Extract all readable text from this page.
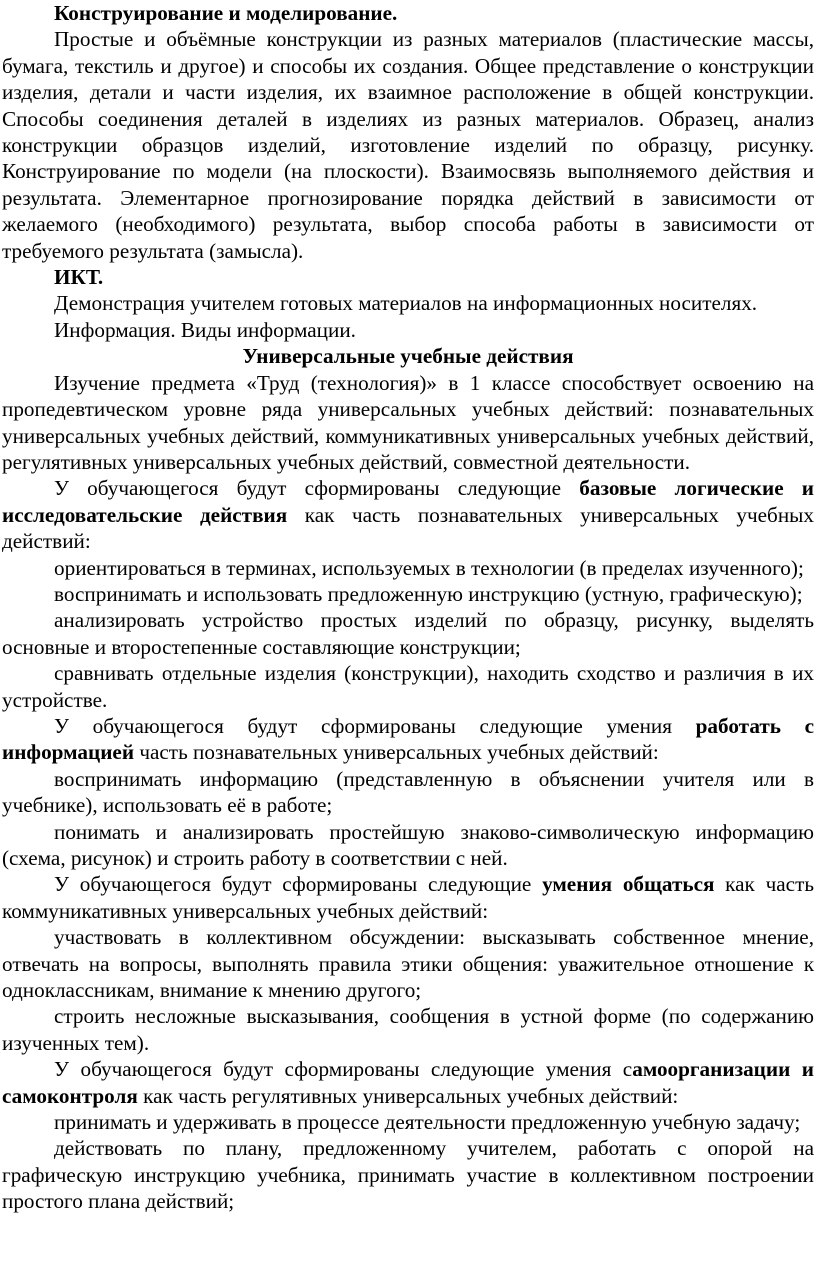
Конструирование и моделирование.

Простые и объёмные конструкции из разных материалов (пластические массы, бумага, текстиль и другое) и способы их создания. Общее представление о конструкции изделия, детали и части изделия, их взаимное расположение в общей конструкции. Способы соединения деталей в изделиях из разных материалов. Образец, анализ конструкции образцов изделий, изготовление изделий по образцу, рисунку. Конструирование по модели (на плоскости). Взаимосвязь выполняемого действия и результата. Элементарное прогнозирование порядка действий в зависимости от желаемого (необходимого) результата, выбор способа работы в зависимости от требуемого результата (замысла).

ИКТ.

Демонстрация учителем готовых материалов на информационных носителях.

Информация. Виды информации.

Универсальные учебные действия

Изучение предмета «Труд (технология)» в 1 классе способствует освоению на пропедевтическом уровне ряда универсальных учебных действий: познавательных универсальных учебных действий, коммуникативных универсальных учебных действий, регулятивных универсальных учебных действий, совместной деятельности.

У обучающегося будут сформированы следующие базовые логические и исследовательские действия как часть познавательных универсальных учебных действий:

ориентироваться в терминах, используемых в технологии (в пределах изученного);

воспринимать и использовать предложенную инструкцию (устную, графическую);

анализировать устройство простых изделий по образцу, рисунку, выделять основные и второстепенные составляющие конструкции;

сравнивать отдельные изделия (конструкции), находить сходство и различия в их устройстве.

У обучающегося будут сформированы следующие умения работать с информацией часть познавательных универсальных учебных действий:

воспринимать информацию (представленную в объяснении учителя или в учебнике), использовать её в работе;

понимать и анализировать простейшую знаково-символическую информацию (схема, рисунок) и строить работу в соответствии с ней.

У обучающегося будут сформированы следующие умения общаться как часть коммуникативных универсальных учебных действий:

участвовать в коллективном обсуждении: высказывать собственное мнение, отвечать на вопросы, выполнять правила этики общения: уважительное отношение к одноклассникам, внимание к мнению другого;

строить несложные высказывания, сообщения в устной форме (по содержанию изученных тем).

У обучающегося будут сформированы следующие умения самоорганизации и самоконтроля как часть регулятивных универсальных учебных действий:

принимать и удерживать в процессе деятельности предложенную учебную задачу;

действовать по плану, предложенному учителем, работать с опорой на графическую инструкцию учебника, принимать участие в коллективном построении простого плана действий;
